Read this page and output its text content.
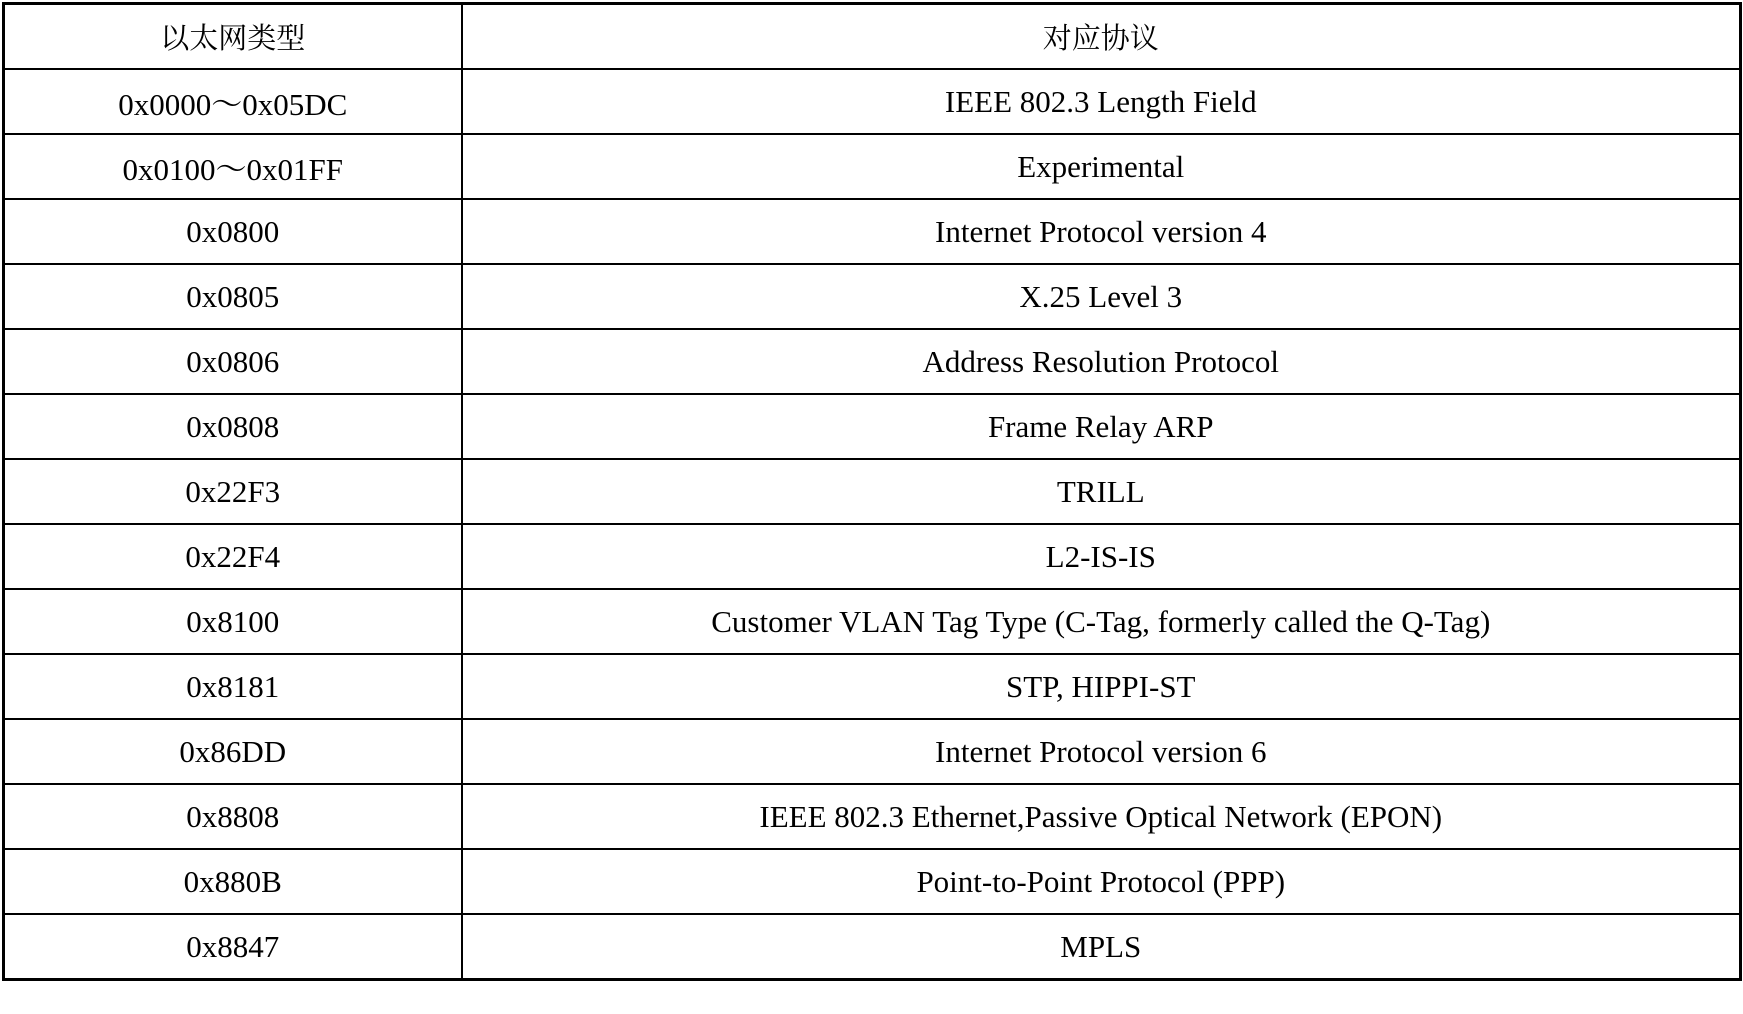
以太网类型	对应协议
0x0000～0x05DC	IEEE 802.3 Length Field
0x0100～0x01FF	Experimental
0x0800	Internet Protocol version 4
0x0805	X.25 Level 3
0x0806	Address Resolution Protocol
0x0808	Frame Relay ARP
0x22F3	TRILL
0x22F4	L2-IS-IS
0x8100	Customer VLAN Tag Type (C-Tag, formerly called the Q-Tag)
0x8181	STP, HIPPI-ST
0x86DD	Internet Protocol version 6
0x8808	IEEE 802.3 Ethernet,Passive Optical Network (EPON)
0x880B	Point-to-Point Protocol (PPP)
0x8847	MPLS
